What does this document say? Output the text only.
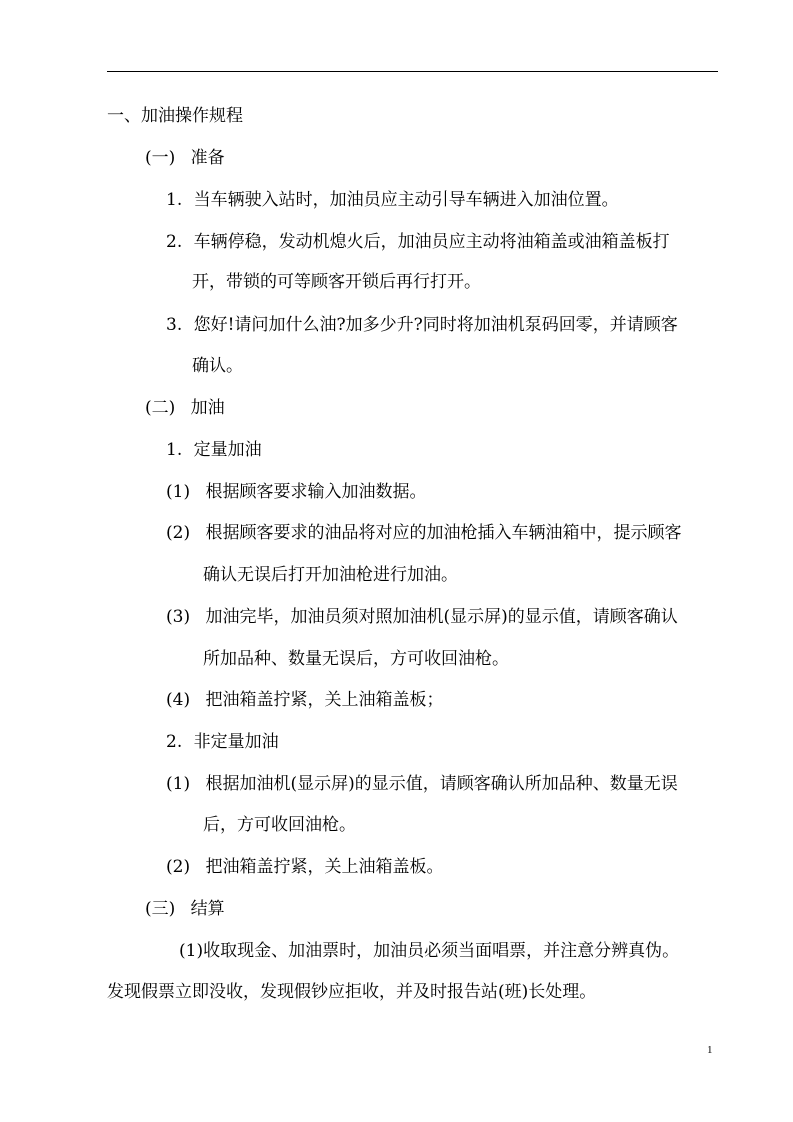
一、加油操作规程
(一) 准备
1. 当车辆驶入站时，加油员应主动引导车辆进入加油位置。
2. 车辆停稳，发动机熄火后，加油员应主动将油箱盖或油箱盖板打
开，带锁的可等顾客开锁后再行打开。
3. 您好!请问加什么油?加多少升?同时将加油机泵码回零，并请顾客
确认。
(二) 加油
1. 定量加油
(1) 根据顾客要求输入加油数据。
(2) 根据顾客要求的油品将对应的加油枪插入车辆油箱中，提示顾客
确认无误后打开加油枪进行加油。
(3) 加油完毕，加油员须对照加油机(显示屏)的显示值，请顾客确认
所加品种、数量无误后，方可收回油枪。
(4) 把油箱盖拧紧，关上油箱盖板；
2. 非定量加油
(1) 根据加油机(显示屏)的显示值，请顾客确认所加品种、数量无误
后，方可收回油枪。
(2) 把油箱盖拧紧，关上油箱盖板。
(三) 结算
(1)收取现金、加油票时，加油员必须当面唱票，并注意分辨真伪。
发现假票立即没收，发现假钞应拒收，并及时报告站(班)长处理。
1
